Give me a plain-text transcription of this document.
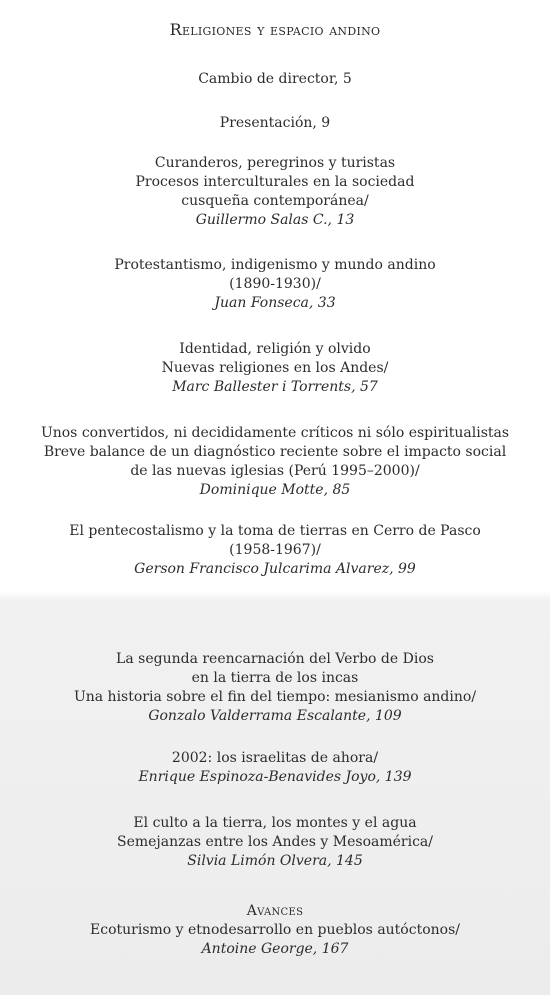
Religiones y espacio andino
Cambio de director, 5
Presentación, 9
Curanderos, peregrinos y turistas
Procesos interculturales en la sociedad
cusqueña contemporánea/
Guillermo Salas C., 13
Protestantismo, indigenismo y mundo andino
(1890-1930)/
Juan Fonseca, 33
Identidad, religión y olvido
Nuevas religiones en los Andes/
Marc Ballester i Torrents, 57
Unos convertidos, ni decididamente críticos ni sólo espiritualistas
Breve balance de un diagnóstico reciente sobre el impacto social
de las nuevas iglesias (Perú 1995–2000)/
Dominique Motte, 85
El pentecostalismo y la toma de tierras en Cerro de Pasco
(1958-1967)/
Gerson Francisco Julcarima Alvarez, 99
La segunda reencarnación del Verbo de Dios
en la tierra de los incas
Una historia sobre el fin del tiempo: mesianismo andino/
Gonzalo Valderrama Escalante, 109
2002: los israelitas de ahora/
Enrique Espinoza-Benavides Joyo, 139
El culto a la tierra, los montes y el agua
Semejanzas entre los Andes y Mesoamérica/
Silvia Limón Olvera, 145
Avances
Ecoturismo y etnodesarrollo en pueblos autóctonos/
Antoine George, 167
